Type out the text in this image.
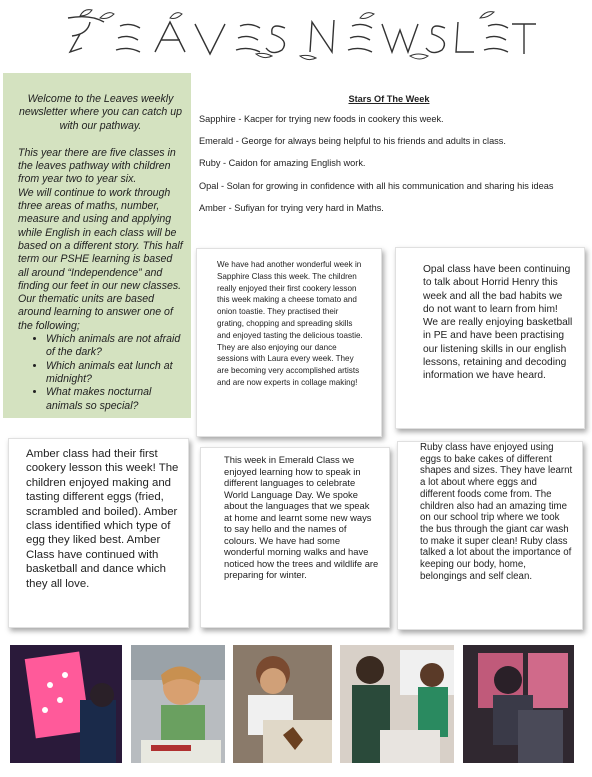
Welcome to the Leaves weekly newsletter where you can catch up with our pathway.

This year there are five classes in the leaves pathway with children from year two to year six.

We will continue to work through three areas of maths, number, measure and using and applying while English in each class will be based on a different story. This half term our PSHE learning is based all around “Independence” and finding our feet in our new classes.

Our thematic units are based around learning to answer one of the following;

• Which animals are not afraid of the dark?
• Which animals eat lunch at midnight?
• What makes nocturnal animals so special?
Stars Of The Week

Sapphire - Kacper for trying new foods in cookery this week.

Emerald - George for always being helpful to his friends and adults in class.

Ruby - Caidon for amazing English work.

Opal - Solan for growing in confidence with all his communication and sharing his ideas

Amber - Sufiyan for trying very hard in Maths.

We have had another wonderful week in Sapphire Class this week. The children really enjoyed their first cookery lesson this week making a cheese tomato and onion toastie. They practised their grating, chopping and spreading skills and enjoyed tasting the delicious toastie. They are also enjoying our dance sessions with Laura every week. They are becoming very accomplished artists and are now experts in collage making!

Opal class have been continuing to talk about Horrid Henry this week and all the bad habits we do not want to learn from him! We are really enjoying basketball in PE and have been practising our listening skills in our english lessons, retaining and decoding information we have heard.

Amber class had their first cookery lesson this week! The children enjoyed making and tasting different eggs (fried, scrambled and boiled). Amber class identified which type of egg they liked best. Amber Class have continued with basketball and dance which they all love.

This week in Emerald Class we enjoyed learning how to speak in different languages to celebrate World Language Day. We spoke about the languages that we speak at home and learnt some new ways to say hello and the names of colours. We have had some wonderful morning walks and have noticed how the trees and wildlife are preparing for winter.

Ruby class have enjoyed using eggs to bake cakes of different shapes and sizes. They have learnt a lot about where eggs and different foods come from. The children also had an amazing time on our school trip where we took the bus through the giant car wash to make it super clean! Ruby class talked a lot about the importance of keeping our body, home, belongings and self clean.
